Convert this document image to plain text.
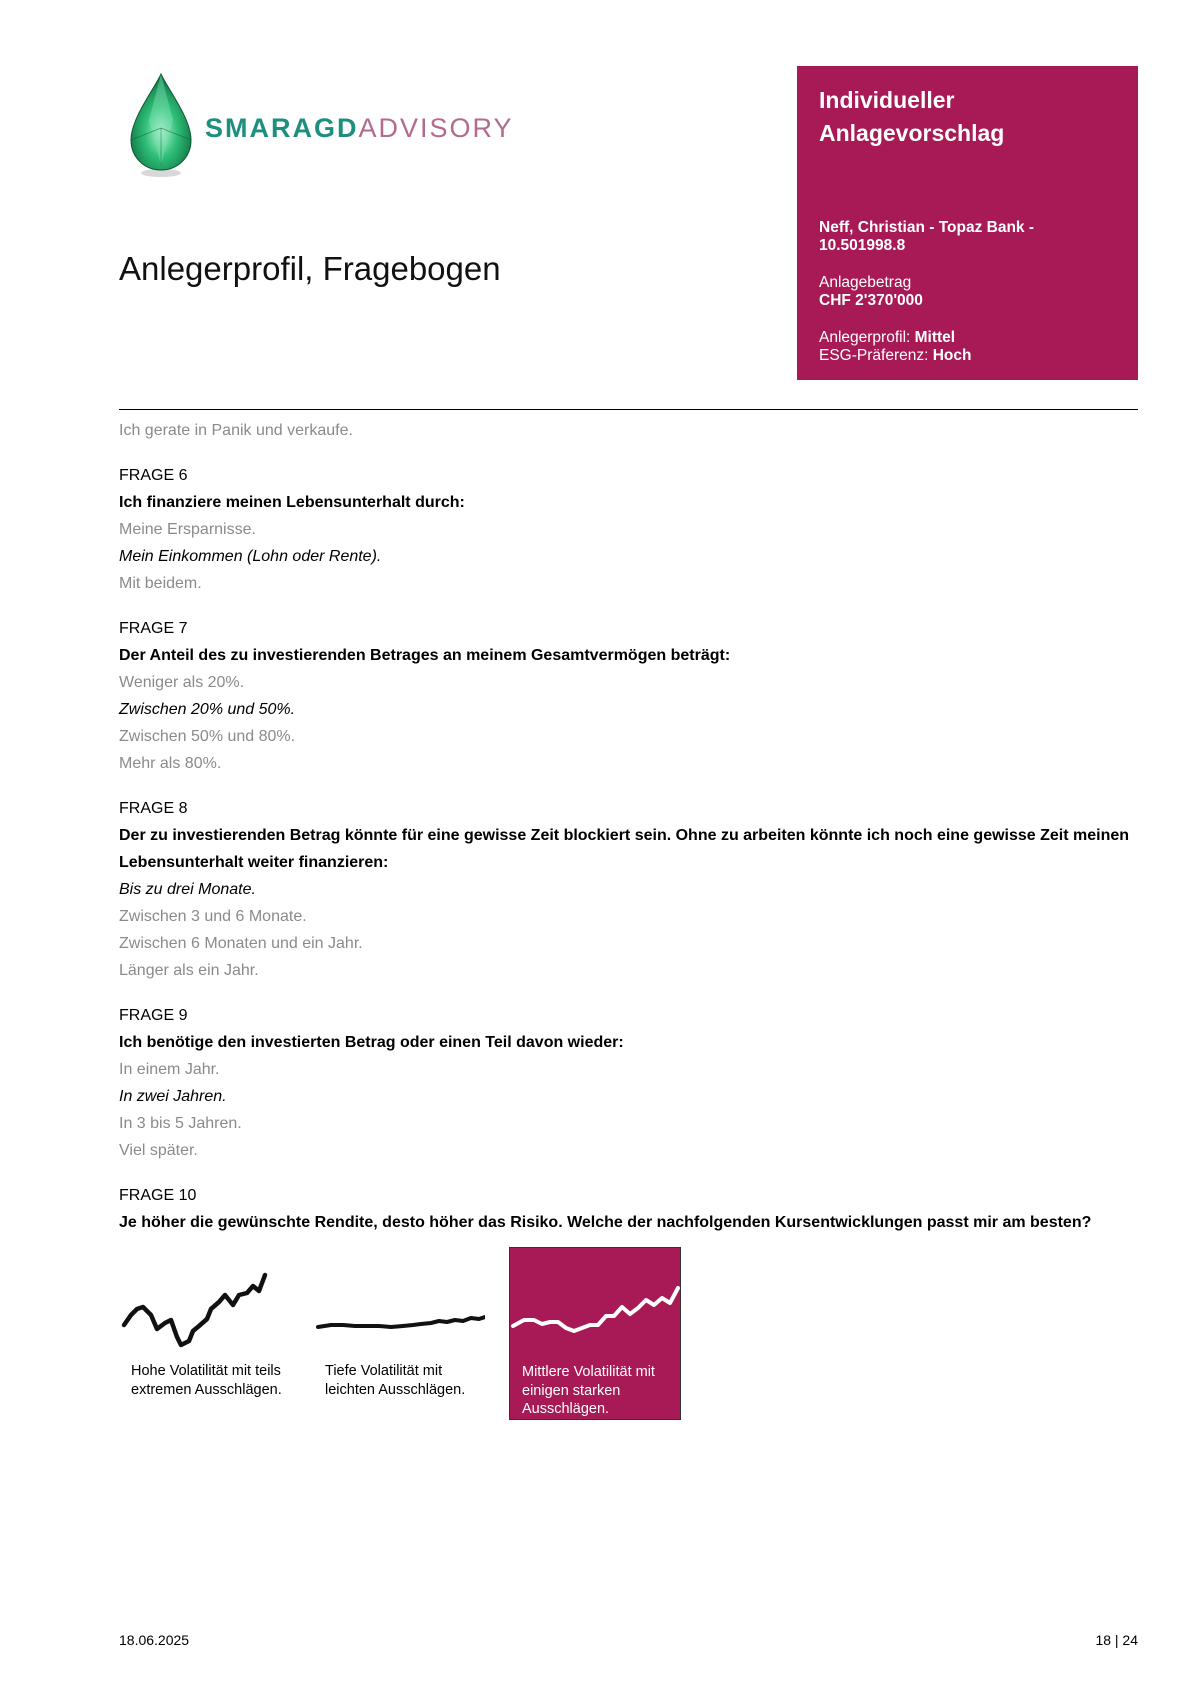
SMARAGDADVISORY
Individueller Anlagevorschlag
Neff, Christian - Topaz Bank - 10.501998.8
Anlagebetrag
CHF 2'370'000
Anlegerprofil: Mittel
ESG-Präferenz: Hoch
Anlegerprofil, Fragebogen
Ich gerate in Panik und verkaufe.
FRAGE 6
Ich finanziere meinen Lebensunterhalt durch:
Meine Ersparnisse.
Mein Einkommen (Lohn oder Rente).
Mit beidem.
FRAGE 7
Der Anteil des zu investierenden Betrages an meinem Gesamtvermögen beträgt:
Weniger als 20%.
Zwischen 20% und 50%.
Zwischen 50% und 80%.
Mehr als 80%.
FRAGE 8
Der zu investierenden Betrag könnte für eine gewisse Zeit blockiert sein. Ohne zu arbeiten könnte ich noch eine gewisse Zeit meinen Lebensunterhalt weiter finanzieren:
Bis zu drei Monate.
Zwischen 3 und 6 Monate.
Zwischen 6 Monaten und ein Jahr.
Länger als ein Jahr.
FRAGE 9
Ich benötige den investierten Betrag oder einen Teil davon wieder:
In einem Jahr.
In zwei Jahren.
In 3 bis 5 Jahren.
Viel später.
FRAGE 10
Je höher die gewünschte Rendite, desto höher das Risiko. Welche der nachfolgenden Kursentwicklungen passt mir am besten?
Hohe Volatilität mit teils extremen Ausschlägen.
Tiefe Volatilität mit leichten Ausschlägen.
Mittlere Volatilität mit einigen starken Ausschlägen.
18.06.2025	18 | 24
